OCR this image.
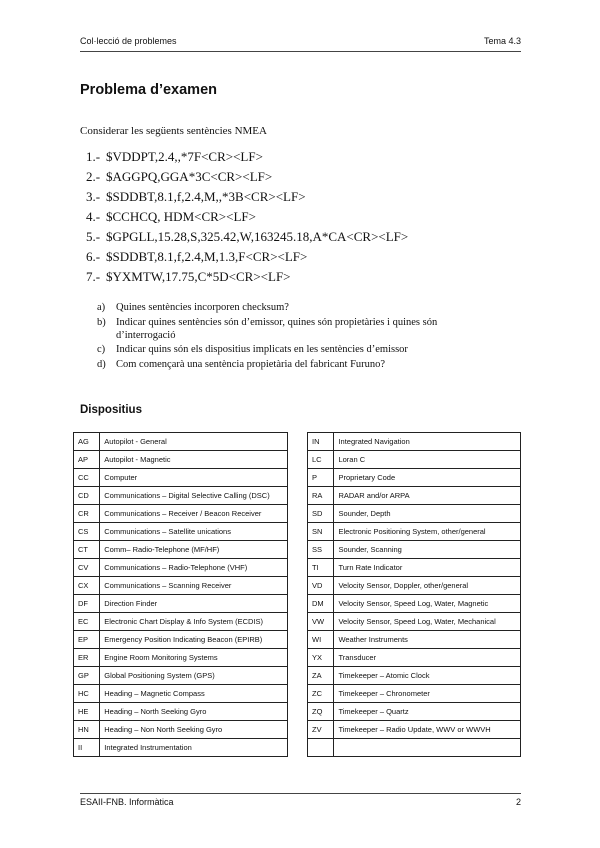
Col·lecció de problemes	Tema 4.3
Problema d’examen

Considerar les següents sentències NMEA

1.- $VDDPT,2.4,,*7F<CR><LF>
2.- $AGGPQ,GGA*3C<CR><LF>
3.- $SDDBT,8.1,f,2.4,M,,*3B<CR><LF>
4.- $CCHCQ, HDM<CR><LF>
5.- $GPGLL,15.28,S,325.42,W,163245.18,A*CA<CR><LF>
6.- $SDDBT,8.1,f,2.4,M,1.3,F<CR><LF>
7.- $YXMTW,17.75,C*5D<CR><LF>
a)	Quines sentències incorporen checksum?
b) Indicar quines sentències són d’emissor, quines són propietàries i quines són d’interrogació
c)	Indicar quins són els dispositius implicats en les sentències d’emissor
d) Com començarà una sentència propietària del fabricant Furuno?
Dispositius
AG	Autopilot - General
AP	Autopilot - Magnetic
CC	Computer
CD	Communications – Digital Selective Calling (DSC)
CR	Communications – Receiver / Beacon Receiver
CS	Communications – Satellite unications
CT	Comm– Radio-Telephone (MF/HF)
CV	Communications – Radio-Telephone (VHF)
CX	Communications – Scanning Receiver
DF	Direction Finder
EC	Electronic Chart Display & Info System (ECDIS)
EP	Emergency Position Indicating Beacon (EPIRB)
ER	Engine Room Monitoring Systems
GP	Global Positioning System (GPS)
HC	Heading – Magnetic Compass
HE	Heading – North Seeking Gyro
HN	Heading – Non North Seeking Gyro
II	Integrated Instrumentation
IN	Integrated Navigation
LC	Loran C
P	Proprietary Code
RA	RADAR and/or ARPA
SD	Sounder, Depth
SN	Electronic Positioning System, other/general
SS	Sounder, Scanning
TI	Turn Rate Indicator
VD	Velocity Sensor, Doppler, other/general
DM	Velocity Sensor, Speed Log, Water, Magnetic
VW	Velocity Sensor, Speed Log, Water, Mechanical
WI	Weather Instruments
YX	Transducer
ZA	Timekeeper – Atomic Clock
ZC	Timekeeper – Chronometer
ZQ	Timekeeper – Quartz
ZV	Timekeeper – Radio Update, WWV or WWVH

ESAII-FNB. Informàtica	2
